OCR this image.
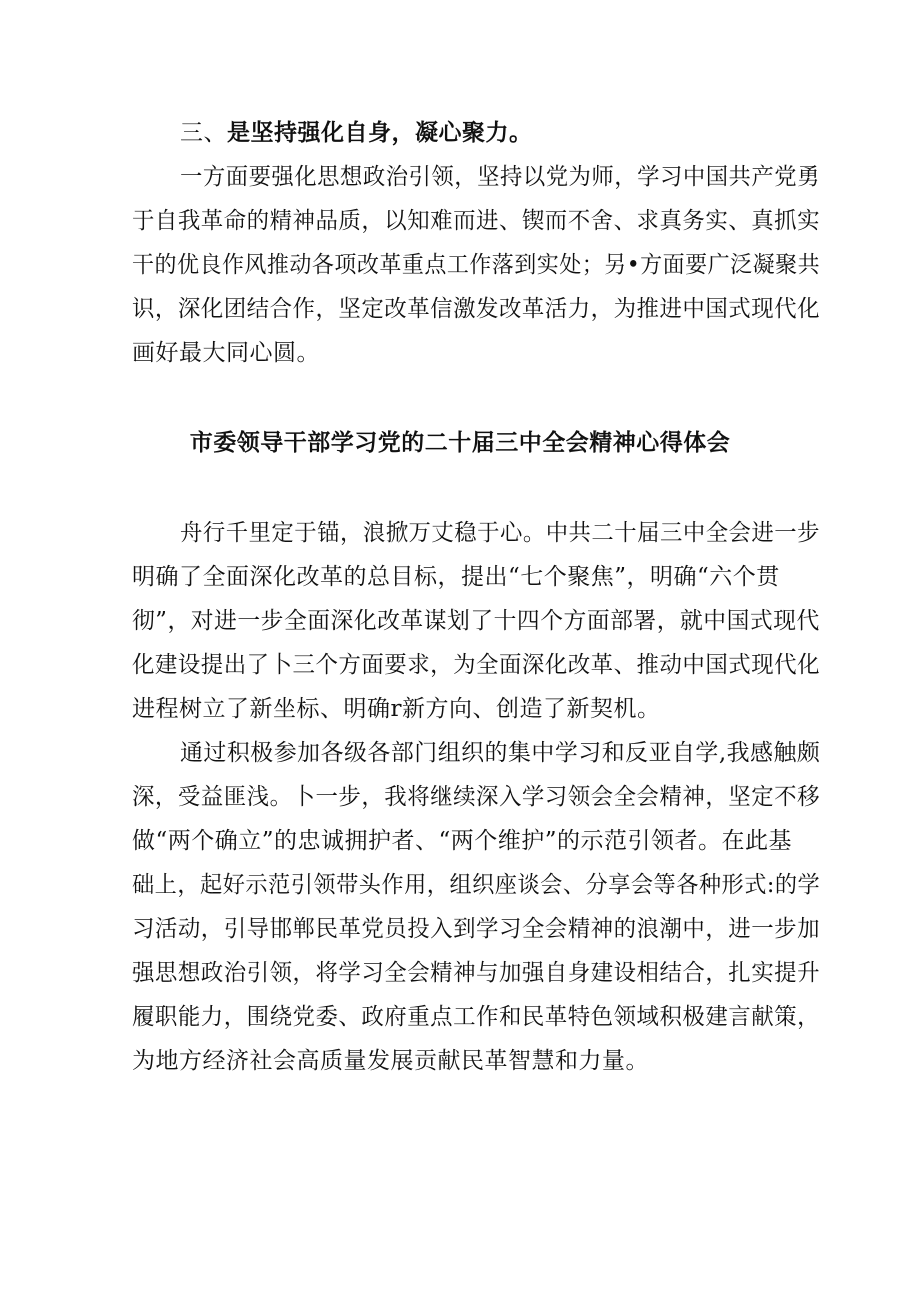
三、是坚持强化自身，凝心聚力。
一方面要强化思想政治引领，坚持以党为师，学习中国共产党勇
于自我革命的精神品质，以知难而进、锲而不舍、求真务实、真抓实
干的优良作风推动各项改革重点工作落到实处；另•方面要广泛凝聚共
识，深化团结合作，坚定改革信激发改革活力，为推进中国式现代化
画好最大同心圆。
市委领导干部学习党的二十届三中全会精神心得体会
舟行千里定于锚，浪掀万丈稳于心。中共二十届三中全会进一步
明确了全面深化改革的总目标，提出“七个聚焦”，明确“六个贯
彻”，对进一步全面深化改革谋划了十四个方面部署，就中国式现代
化建设提出了卜三个方面要求，为全面深化改革、推动中国式现代化
进程树立了新坐标、明确r新方向、创造了新契机。
通过积极参加各级各部门组织的集中学习和反亚自学,我感触颇
深，受益匪浅。卜一步，我将继续深入学习领会全会精神，坚定不移
做“两个确立”的忠诚拥护者、“两个维护”的示范引领者。在此基
础上，起好示范引领带头作用，组织座谈会、分享会等各种形式:的学
习活动，引导邯郸民革党员投入到学习全会精神的浪潮中，进一步加
强思想政治引领，将学习全会精神与加强自身建设相结合，扎实提升
履职能力，围绕党委、政府重点工作和民革特色领域积极建言献策，
为地方经济社会高质量发展贡献民革智慧和力量。
